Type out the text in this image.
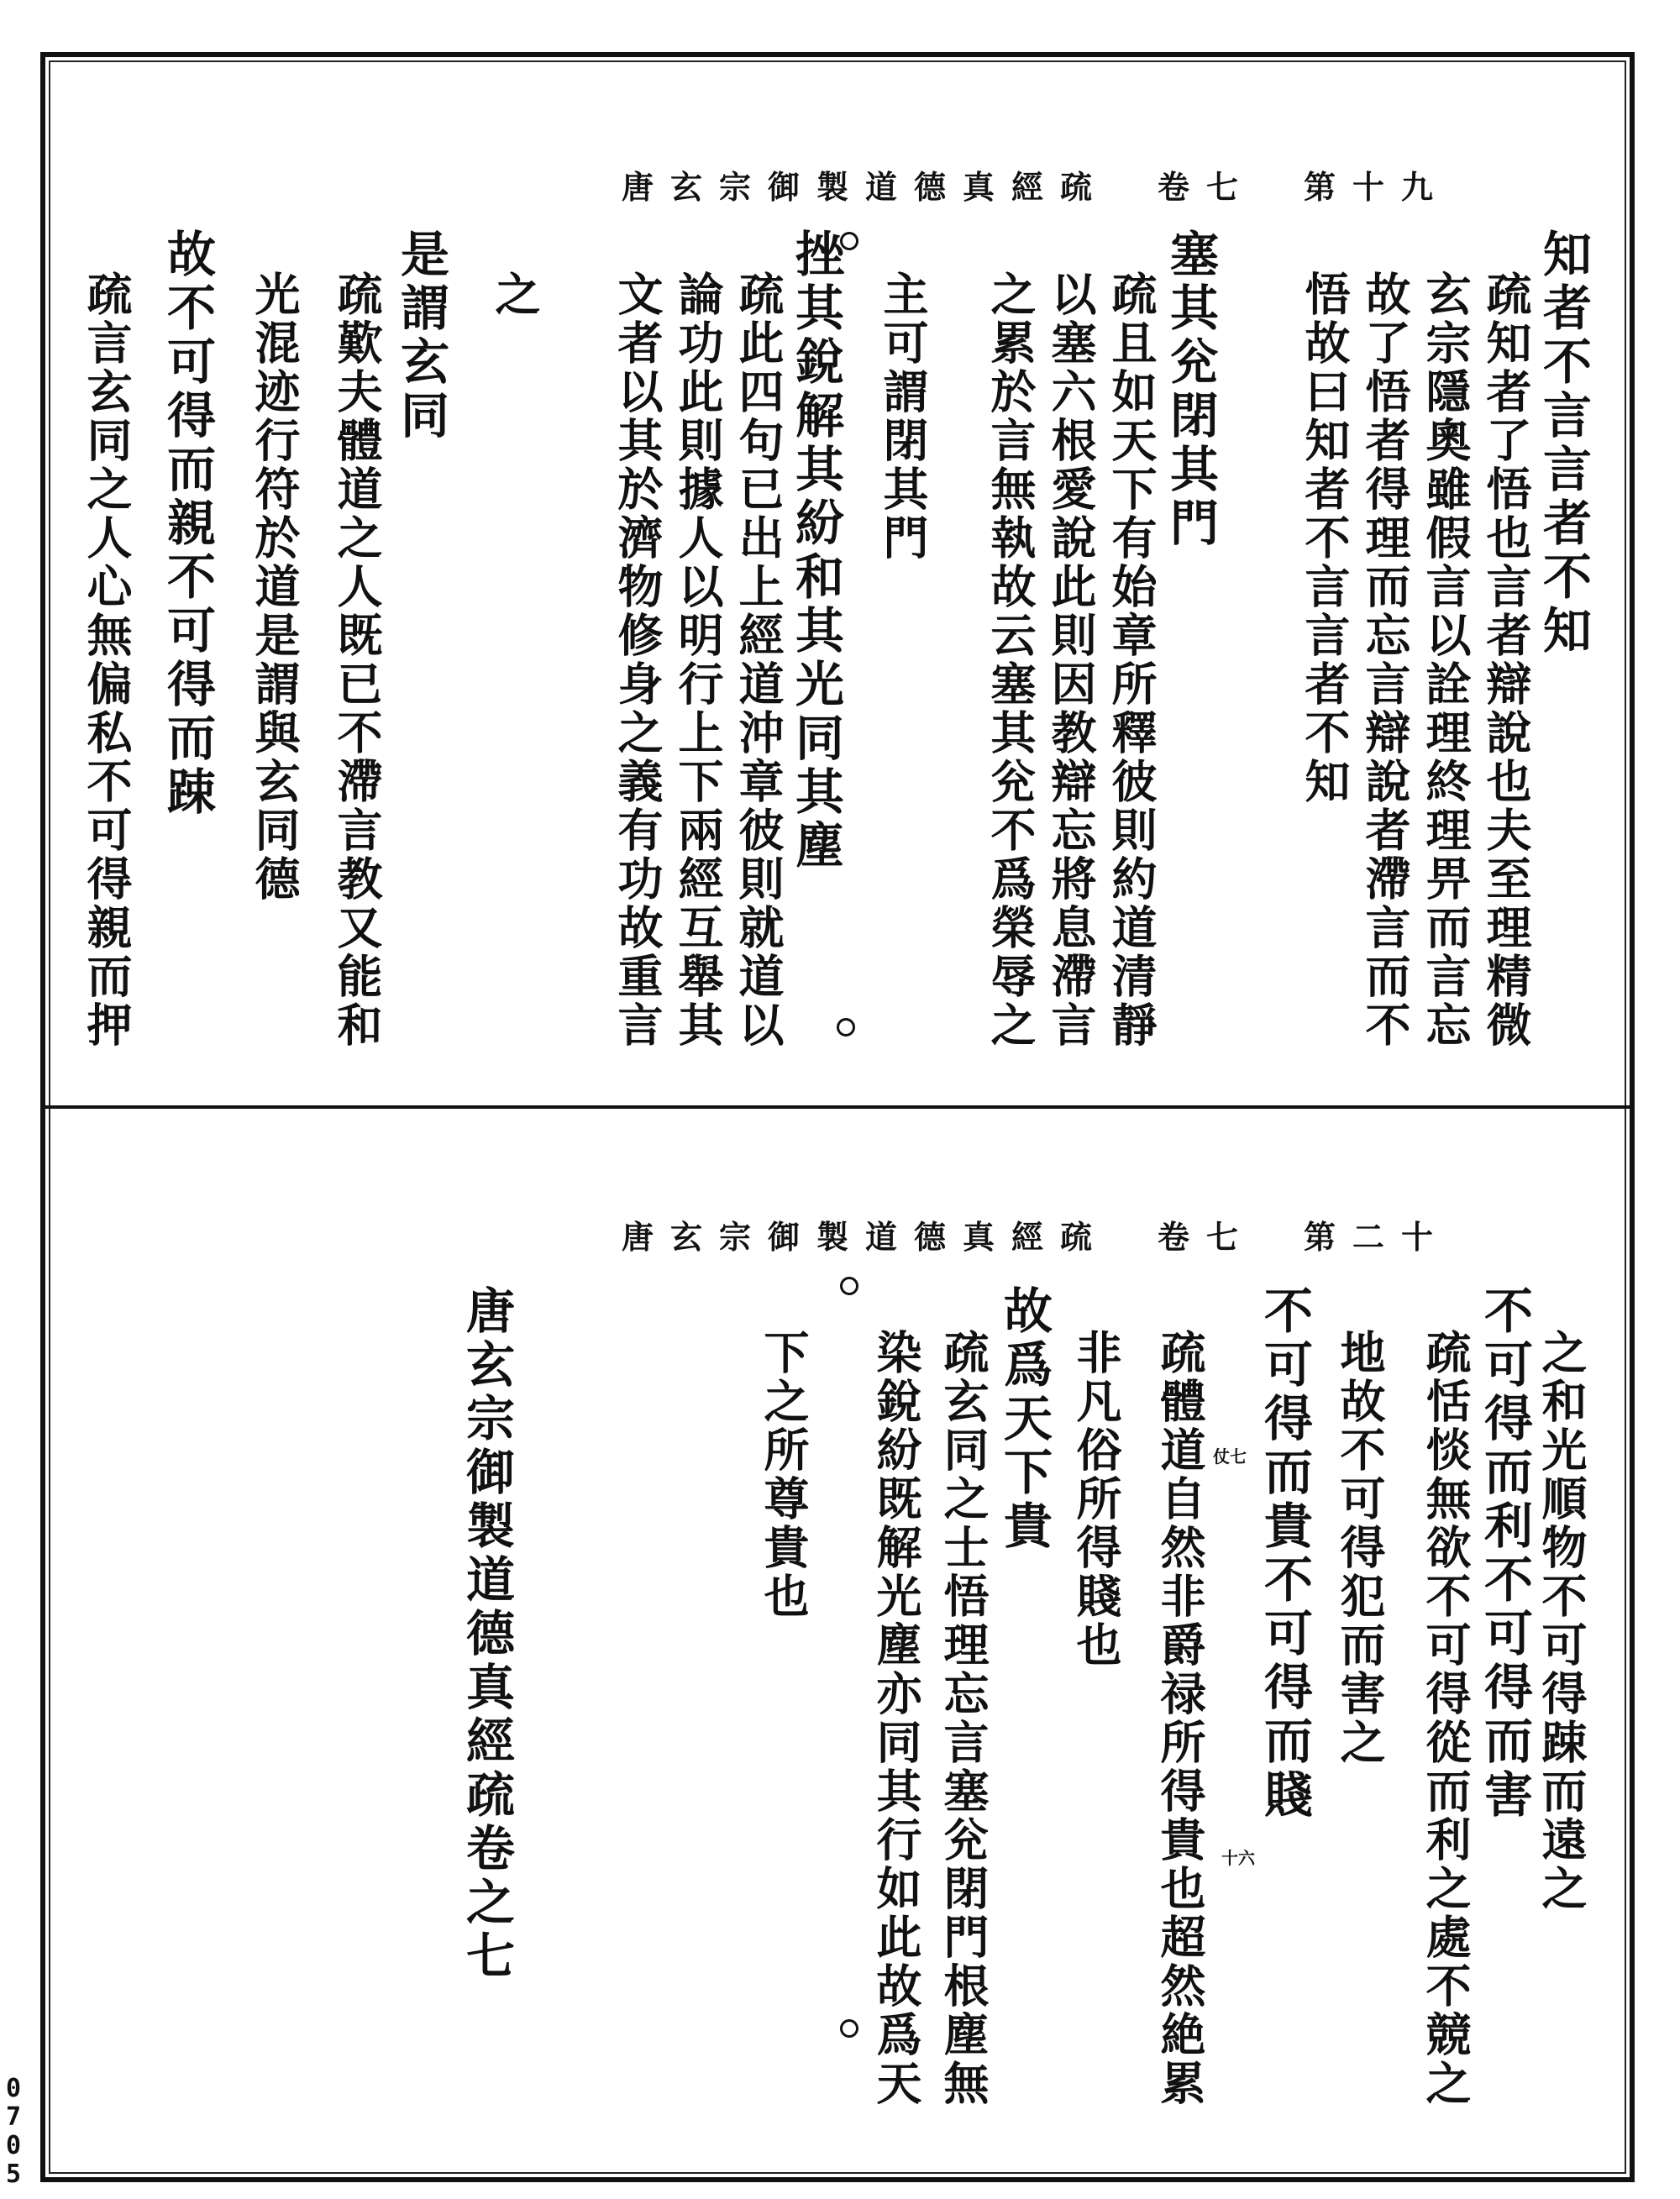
唐玄宗御製道德真經疏　卷七　第十九
知者不言言者不知
疏知者了悟也言者辯說也夫至理精微
玄宗隱奧雖假言以詮理終理畀而言忘
故了悟者得理而忘言辯說者滯言而不
悟故曰知者不言言者不知
塞其兊閉其門
疏且如天下有始章所釋彼則約道清靜
以塞六根愛說此則因教辯忘將息滯言
之累於言無執故云塞其兊不爲榮辱之
主可謂閉其門
挫其銳解其紛和其光同其塵
疏此四句已出上經道沖章彼則就道以
論功此則據人以明行上下兩經互舉其
文者以其於濟物修身之義有功故重言
之
是謂玄同
疏歎夫體道之人既已不滯言教又能和
光混迹行符於道是謂與玄同德
故不可得而親不可得而踈
疏言玄同之人心無偏私不可得親而押
唐玄宗御製道德真經疏　卷七　第二十
之和光順物不可得踈而遠之
不可得而利不可得而害
疏恬惔無欲不可得從而利之處不競之
地故不可得犯而害之
不可得而貴不可得而賤
疏體道自然非爵禄所得貴也超然絶累
非凡俗所得賤也
故爲天下貴
疏玄同之士悟理忘言塞兊閉門根塵無
染銳紛既解光塵亦同其行如此故爲天
下之所尊貴也
唐玄宗御製道德真經疏卷之七	十六
仗七
0705
